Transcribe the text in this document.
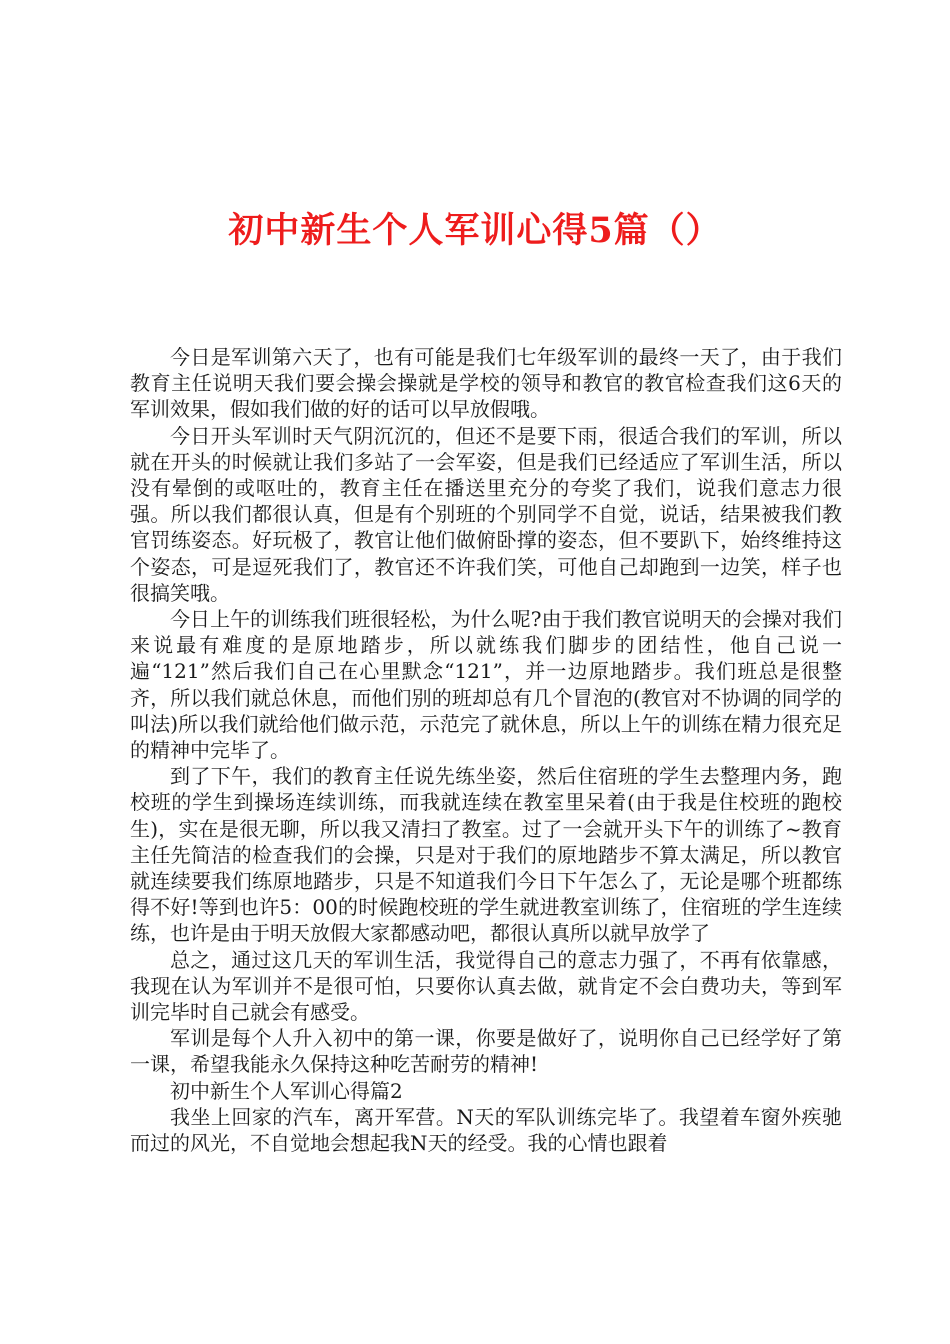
初中新生个人军训心得5篇（）

今日是军训第六天了，也有可能是我们七年级军训的最终一天了，由于我们教育主任说明天我们要会操会操就是学校的领导和教官的教官检查我们这6天的军训效果，假如我们做的好的话可以早放假哦。

今日开头军训时天气阴沉沉的，但还不是要下雨，很适合我们的军训，所以就在开头的时候就让我们多站了一会军姿，但是我们已经适应了军训生活，所以没有晕倒的或呕吐的，教育主任在播送里充分的夸奖了我们，说我们意志力很强。所以我们都很认真，但是有个别班的个别同学不自觉，说话，结果被我们教官罚练姿态。好玩极了，教官让他们做俯卧撑的姿态，但不要趴下，始终维持这个姿态，可是逗死我们了，教官还不许我们笑，可他自己却跑到一边笑，样子也很搞笑哦。

今日上午的训练我们班很轻松，为什么呢?由于我们教官说明天的会操对我们来说最有难度的是原地踏步，所以就练我们脚步的团结性，他自己说一遍“121”然后我们自己在心里默念“121”，并一边原地踏步。我们班总是很整齐，所以我们就总休息，而他们别的班却总有几个冒泡的(教官对不协调的同学的叫法)所以我们就给他们做示范，示范完了就休息，所以上午的训练在精力很充足的精神中完毕了。

到了下午，我们的教育主任说先练坐姿，然后住宿班的学生去整理内务，跑校班的学生到操场连续训练，而我就连续在教室里呆着(由于我是住校班的跑校生)，实在是很无聊，所以我又清扫了教室。过了一会就开头下午的训练了~教育主任先简洁的检查我们的会操，只是对于我们的原地踏步不算太满足，所以教官就连续要我们练原地踏步，只是不知道我们今日下午怎么了，无论是哪个班都练得不好!等到也许5：00的时候跑校班的学生就进教室训练了，住宿班的学生连续练，也许是由于明天放假大家都感动吧，都很认真所以就早放学了

总之，通过这几天的军训生活，我觉得自己的意志力强了，不再有依靠感，我现在认为军训并不是很可怕，只要你认真去做，就肯定不会白费功夫，等到军训完毕时自己就会有感受。

军训是每个人升入初中的第一课，你要是做好了，说明你自己已经学好了第一课，希望我能永久保持这种吃苦耐劳的精神!

初中新生个人军训心得篇2

我坐上回家的汽车，离开军营。N天的军队训练完毕了。我望着车窗外疾驰而过的风光，不自觉地会想起我N天的经受。我的心情也跟着
